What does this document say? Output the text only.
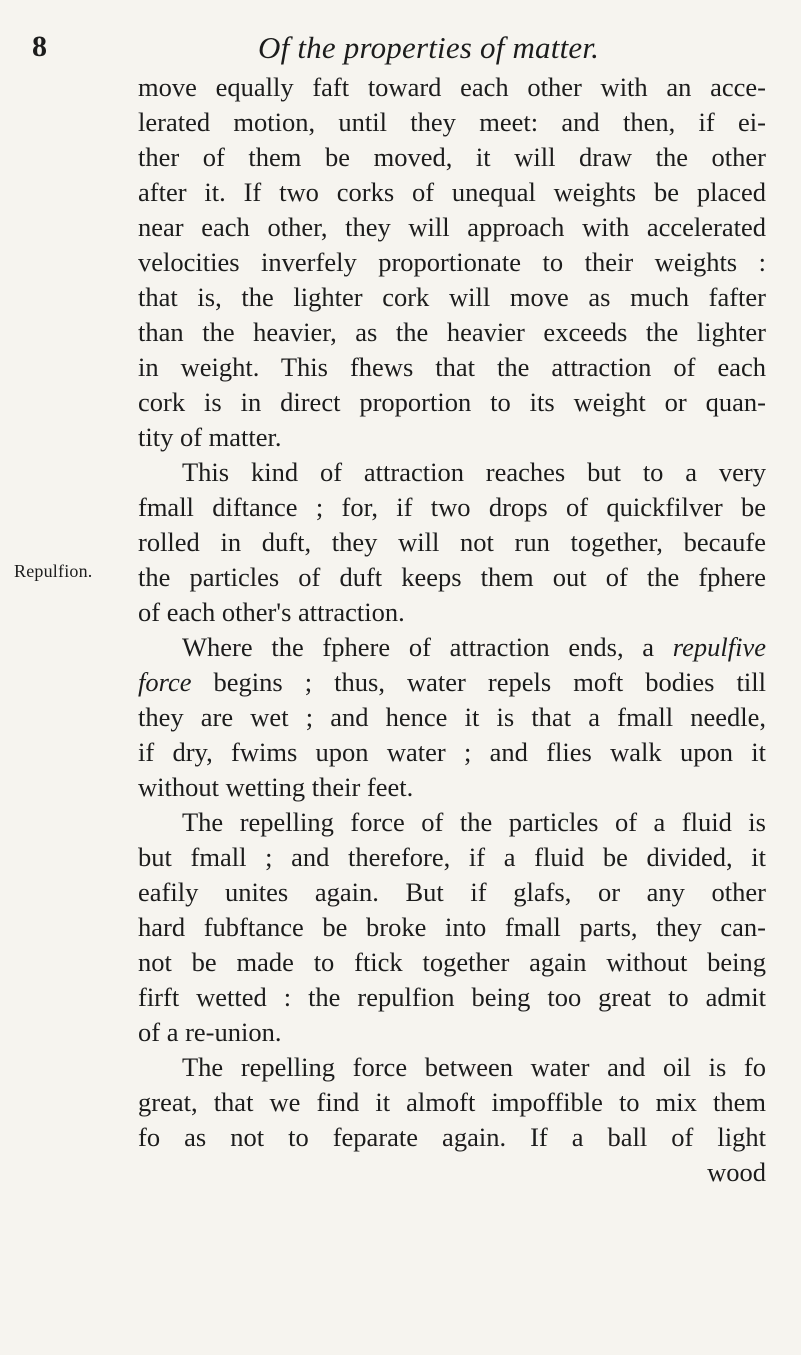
8	Of the properties of matter.
Repulfion.
move equally faft toward each other with an acce-
lerated motion, until they meet: and then, if ei-
ther of them be moved, it will draw the other
after it. If two corks of unequal weights be placed
near each other, they will approach with accelerated
velocities inverfely proportionate to their weights :
that is, the lighter cork will move as much fafter
than the heavier, as the heavier exceeds the lighter
in weight. This fhews that the attraction of each
cork is in direct proportion to its weight or quan-
tity of matter.
This kind of attraction reaches but to a very
fmall diftance ; for, if two drops of quickfilver be
rolled in duft, they will not run together, becaufe
the particles of duft keeps them out of the fphere
of each other's attraction.
Where the fphere of attraction ends, a repulfive
force begins ; thus, water repels moft bodies till
they are wet ; and hence it is that a fmall needle,
if dry, fwims upon water ; and flies walk upon it
without wetting their feet.
The repelling force of the particles of a fluid is
but fmall ; and therefore, if a fluid be divided, it
eafily unites again. But if glafs, or any other
hard fubftance be broke into fmall parts, they can-
not be made to ftick together again without being
firft wetted : the repulfion being too great to admit
of a re-union.
The repelling force between water and oil is fo
great, that we find it almoft impoffible to mix them
fo as not to feparate again. If a ball of light
wood
